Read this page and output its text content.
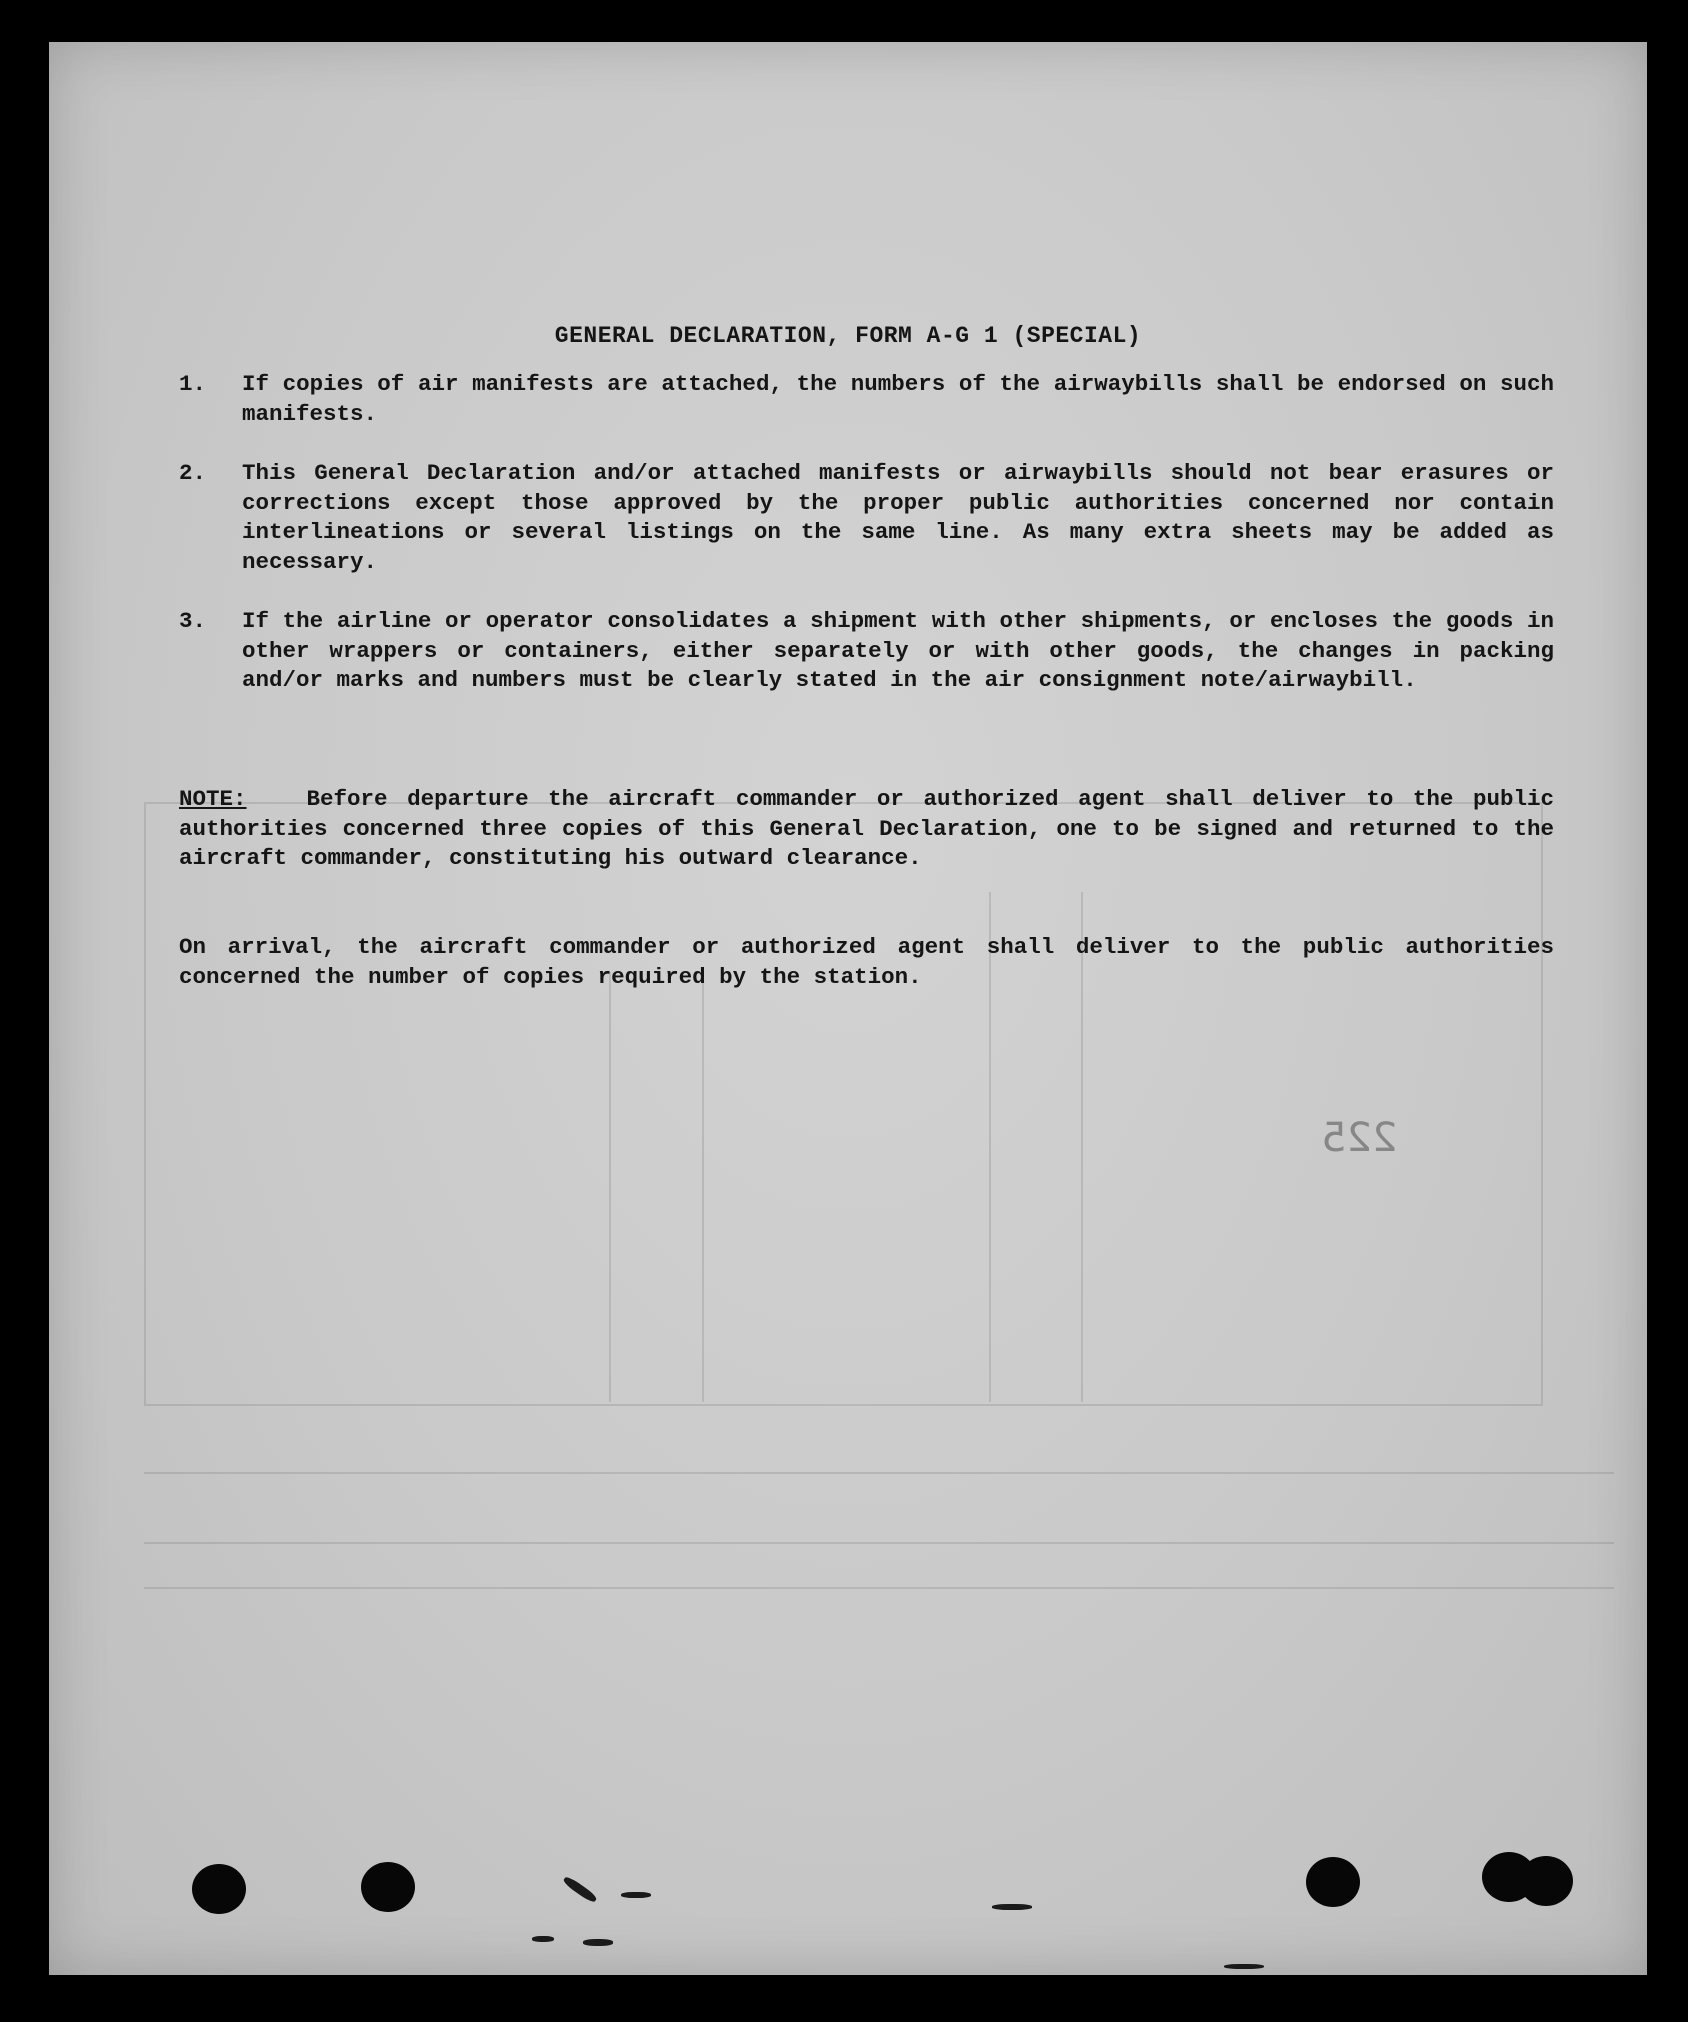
GENERAL DECLARATION, FORM A-G 1 (SPECIAL)
1. If copies of air manifests are attached, the numbers of the airwaybills shall be endorsed on such manifests.
2. This General Declaration and/or attached manifests or airwaybills should not bear erasures or corrections except those approved by the proper public authorities concerned nor contain interlineations or several listings on the same line. As many extra sheets may be added as necessary.
3. If the airline or operator consolidates a shipment with other shipments, or encloses the goods in other wrappers or containers, either separately or with other goods, the changes in packing and/or marks and numbers must be clearly stated in the air consignment note/airwaybill.
NOTE:	Before departure the aircraft commander or authorized agent shall deliver to the public authorities concerned three copies of this General Declaration, one to be signed and returned to the aircraft commander, constituting his outward clearance.
On arrival, the aircraft commander or authorized agent shall deliver to the public authorities concerned the number of copies required by the station.
225
